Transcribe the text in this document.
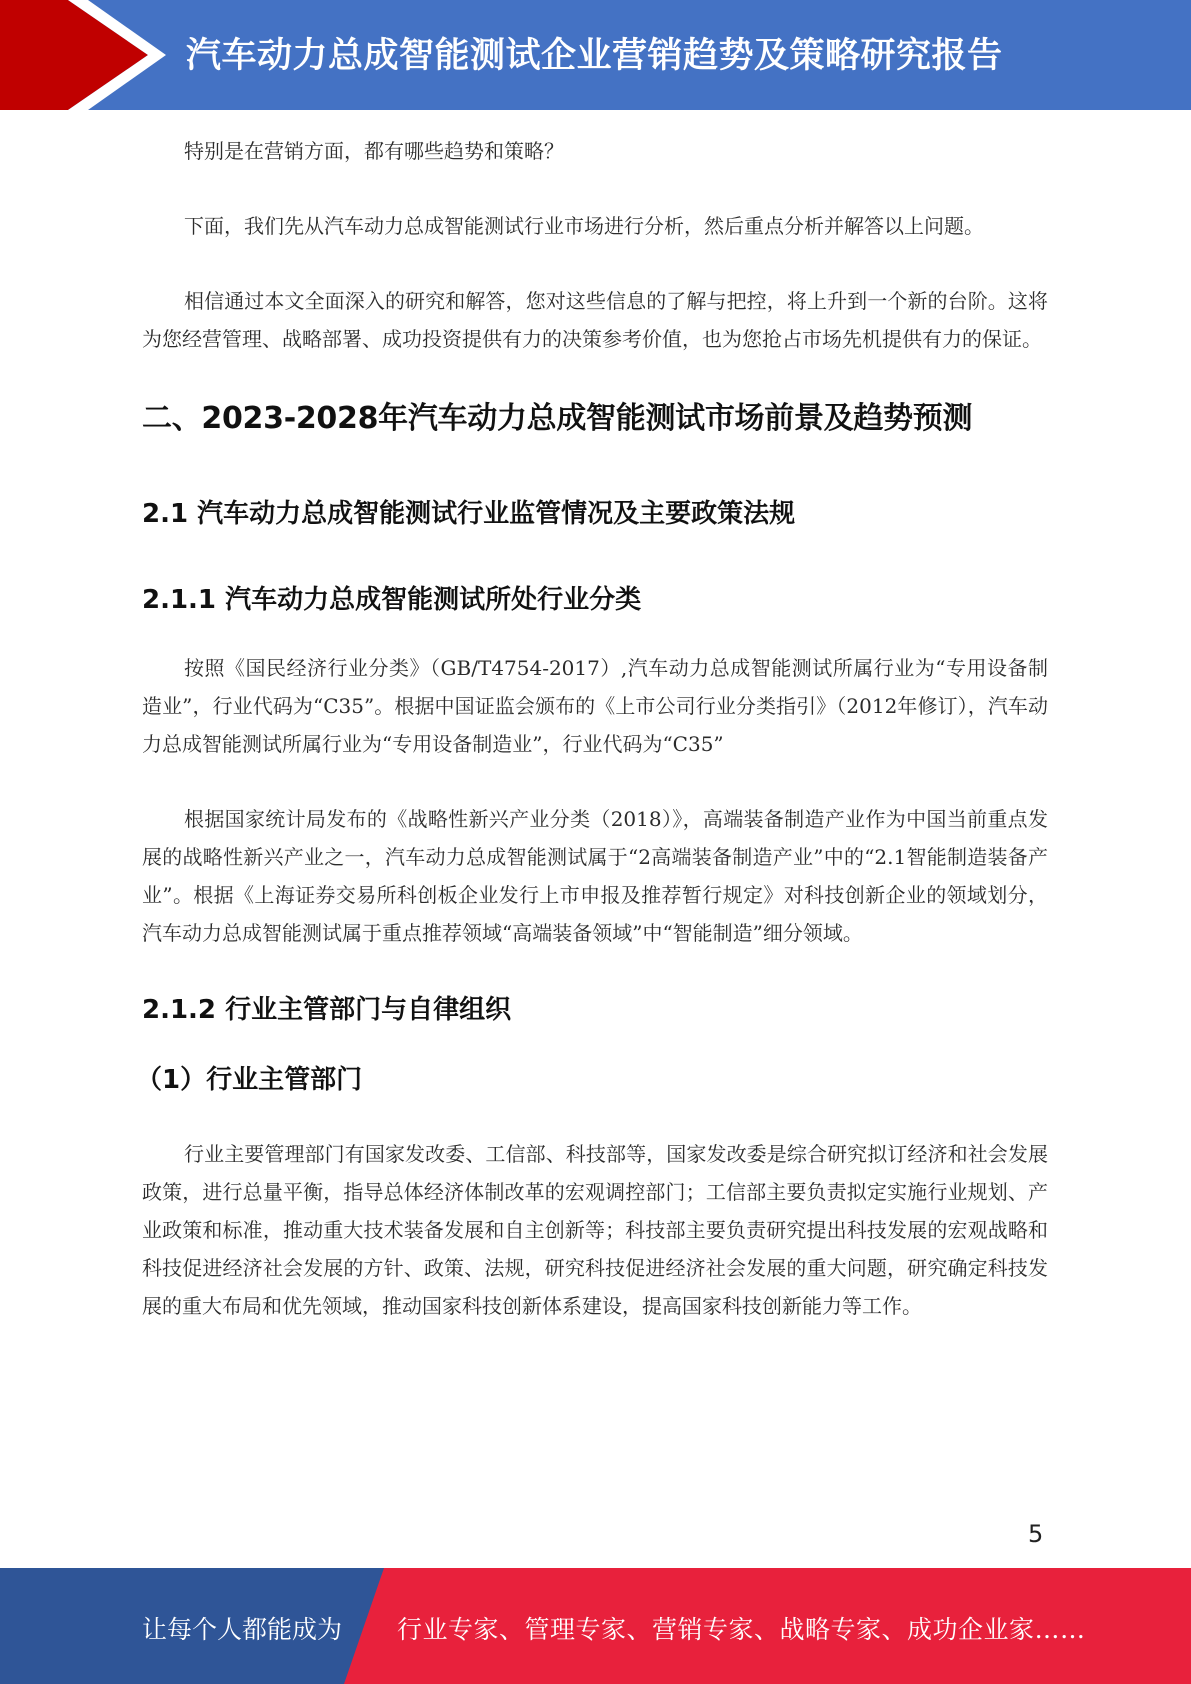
汽车动力总成智能测试企业营销趋势及策略研究报告

特别是在营销方面，都有哪些趋势和策略？

下面，我们先从汽车动力总成智能测试行业市场进行分析，然后重点分析并解答以上问题。

相信通过本文全面深入的研究和解答，您对这些信息的了解与把控，将上升到一个新的台阶。这将为您经营管理、战略部署、成功投资提供有力的决策参考价值，也为您抢占市场先机提供有力的保证。

二、2023-2028年汽车动力总成智能测试市场前景及趋势预测
2.1 汽车动力总成智能测试行业监管情况及主要政策法规
2.1.1 汽车动力总成智能测试所处行业分类

按照《国民经济行业分类》（GB/T4754-2017）,汽车动力总成智能测试所属行业为“专用设备制造业”，行业代码为“C35”。根据中国证监会颁布的《上市公司行业分类指引》（2012年修订），汽车动力总成智能测试所属行业为“专用设备制造业”，行业代码为“C35”

根据国家统计局发布的《战略性新兴产业分类（2018）》，高端装备制造产业作为中国当前重点发展的战略性新兴产业之一，汽车动力总成智能测试属于“2高端装备制造产业”中的“2.1智能制造装备产业”。根据《上海证券交易所科创板企业发行上市申报及推荐暂行规定》对科技创新企业的领域划分，汽车动力总成智能测试属于重点推荐领域“高端装备领域”中“智能制造”细分领域。

2.1.2 行业主管部门与自律组织
（1）行业主管部门

行业主要管理部门有国家发改委、工信部、科技部等，国家发改委是综合研究拟订经济和社会发展政策，进行总量平衡，指导总体经济体制改革的宏观调控部门；工信部主要负责拟定实施行业规划、产业政策和标准，推动重大技术装备发展和自主创新等；科技部主要负责研究提出科技发展的宏观战略和科技促进经济社会发展的方针、政策、法规，研究科技促进经济社会发展的重大问题，研究确定科技发展的重大布局和优先领域，推动国家科技创新体系建设，提高国家科技创新能力等工作。

5
让每个人都能成为 行业专家、管理专家、营销专家、战略专家、成功企业家……
